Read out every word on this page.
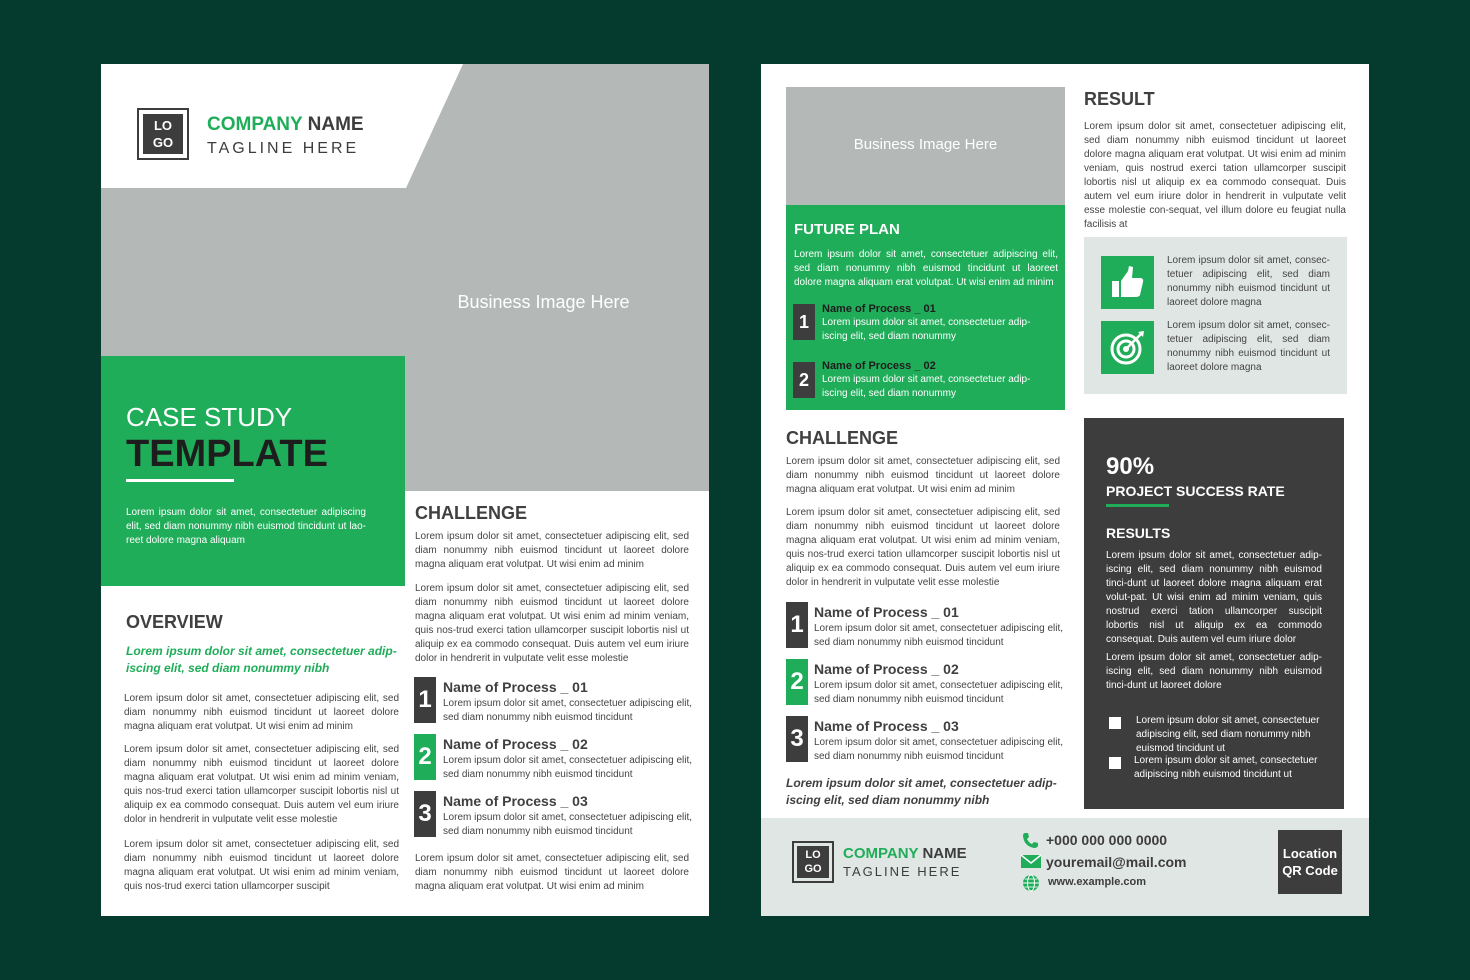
Business Image Here
LO
GO
COMPANY NAME
TAGLINE HERE
CASE STUDY
TEMPLATE
Lorem ipsum dolor sit amet, consectetuer adipiscing elit, sed diam nonummy nibh euismod tincidunt ut lao-reet dolore magna aliquam
OVERVIEW
Lorem ipsum dolor sit amet, consectetuer adip-iscing elit, sed diam nonummy nibh
Lorem ipsum dolor sit amet, consectetuer adipiscing elit, sed diam nonummy nibh euismod tincidunt ut laoreet dolore magna aliquam erat volutpat. Ut wisi enim ad minim
Lorem ipsum dolor sit amet, consectetuer adipiscing elit, sed diam nonummy nibh euismod tincidunt ut laoreet dolore magna aliquam erat volutpat. Ut wisi enim ad minim veniam, quis nos-trud exerci tation ullamcorper suscipit lobortis nisl ut aliquip ex ea commodo consequat. Duis autem vel eum iriure dolor in hendrerit in vulputate velit esse molestie
Lorem ipsum dolor sit amet, consectetuer adipiscing elit, sed diam nonummy nibh euismod tincidunt ut laoreet dolore magna aliquam erat volutpat. Ut wisi enim ad minim veniam, quis nos-trud exerci tation ullamcorper suscipit
CHALLENGE
Lorem ipsum dolor sit amet, consectetuer adipiscing elit, sed diam nonummy nibh euismod tincidunt ut laoreet dolore magna aliquam erat volutpat. Ut wisi enim ad minim
Lorem ipsum dolor sit amet, consectetuer adipiscing elit, sed diam nonummy nibh euismod tincidunt ut laoreet dolore magna aliquam erat volutpat. Ut wisi enim ad minim veniam, quis nos-trud exerci tation ullamcorper suscipit lobortis nisl ut aliquip ex ea commodo consequat. Duis autem vel eum iriure dolor in hendrerit in vulputate velit esse molestie
1 Name of Process _ 01
Lorem ipsum dolor sit amet, consectetuer adipiscing elit, sed diam nonummy nibh euismod tincidunt
2 Name of Process _ 02
Lorem ipsum dolor sit amet, consectetuer adipiscing elit, sed diam nonummy nibh euismod tincidunt
3 Name of Process _ 03
Lorem ipsum dolor sit amet, consectetuer adipiscing elit, sed diam nonummy nibh euismod tincidunt
Lorem ipsum dolor sit amet, consectetuer adipiscing elit, sed diam nonummy nibh euismod tincidunt ut laoreet dolore magna aliquam erat volutpat. Ut wisi enim ad minim
Business Image Here
FUTURE PLAN
Lorem ipsum dolor sit amet, consectetuer adipiscing elit, sed diam nonummy nibh euismod tincidunt ut laoreet dolore magna aliquam erat volutpat. Ut wisi enim ad minim
1
Name of Process _ 01
Lorem ipsum dolor sit amet, consectetuer adip-iscing elit, sed diam nonummy
2
Name of Process _ 02
Lorem ipsum dolor sit amet, consectetuer adip-iscing elit, sed diam nonummy
CHALLENGE
Lorem ipsum dolor sit amet, consectetuer adipiscing elit, sed diam nonummy nibh euismod tincidunt ut laoreet dolore magna aliquam erat volutpat. Ut wisi enim ad minim
Lorem ipsum dolor sit amet, consectetuer adipiscing elit, sed diam nonummy nibh euismod tincidunt ut laoreet dolore magna aliquam erat volutpat. Ut wisi enim ad minim veniam, quis nos-trud exerci tation ullamcorper suscipit lobortis nisl ut aliquip ex ea commodo consequat. Duis autem vel eum iriure dolor in hendrerit in vulputate velit esse molestie
1 Name of Process _ 01
Lorem ipsum dolor sit amet, consectetuer adipiscing elit, sed diam nonummy nibh euismod tincidunt
2 Name of Process _ 02
Lorem ipsum dolor sit amet, consectetuer adipiscing elit, sed diam nonummy nibh euismod tincidunt
3 Name of Process _ 03
Lorem ipsum dolor sit amet, consectetuer adipiscing elit, sed diam nonummy nibh euismod tincidunt
Lorem ipsum dolor sit amet, consectetuer adip-iscing elit, sed diam nonummy nibh
RESULT
Lorem ipsum dolor sit amet, consectetuer adipiscing elit, sed diam nonummy nibh euismod tincidunt ut laoreet dolore magna aliquam erat volutpat. Ut wisi enim ad minim veniam, quis nostrud exerci tation ullamcorper suscipit lobortis nisl ut aliquip ex ea commodo consequat. Duis autem vel eum iriure dolor in hendrerit in vulputate velit esse molestie con-sequat, vel illum dolore eu feugiat nulla facilisis at
Lorem ipsum dolor sit amet, consec-tetuer adipiscing elit, sed diam nonummy nibh euismod tincidunt ut laoreet dolore magna
Lorem ipsum dolor sit amet, consec-tetuer adipiscing elit, sed diam nonummy nibh euismod tincidunt ut laoreet dolore magna
90%
PROJECT SUCCESS RATE
RESULTS
Lorem ipsum dolor sit amet, consectetuer adip-iscing elit, sed diam nonummy nibh euismod tinci-dunt ut laoreet dolore magna aliquam erat volut-pat. Ut wisi enim ad minim veniam, quis nostrud exerci tation ullamcorper suscipit lobortis nisl ut aliquip ex ea commodo consequat. Duis autem vel eum iriure dolor
Lorem ipsum dolor sit amet, consectetuer adip-iscing elit, sed diam nonummy nibh euismod tinci-dunt ut laoreet dolore
Lorem ipsum dolor sit amet, consectetuer adipiscing elit, sed diam nonummy nibh euismod tincidunt ut
Lorem ipsum dolor sit amet, consectetuer adipiscing nibh euismod tincidunt ut
LO
GO
COMPANY NAME
TAGLINE HERE
+000 000 000 0000
youremail@mail.com
www.example.com
Location QR Code
